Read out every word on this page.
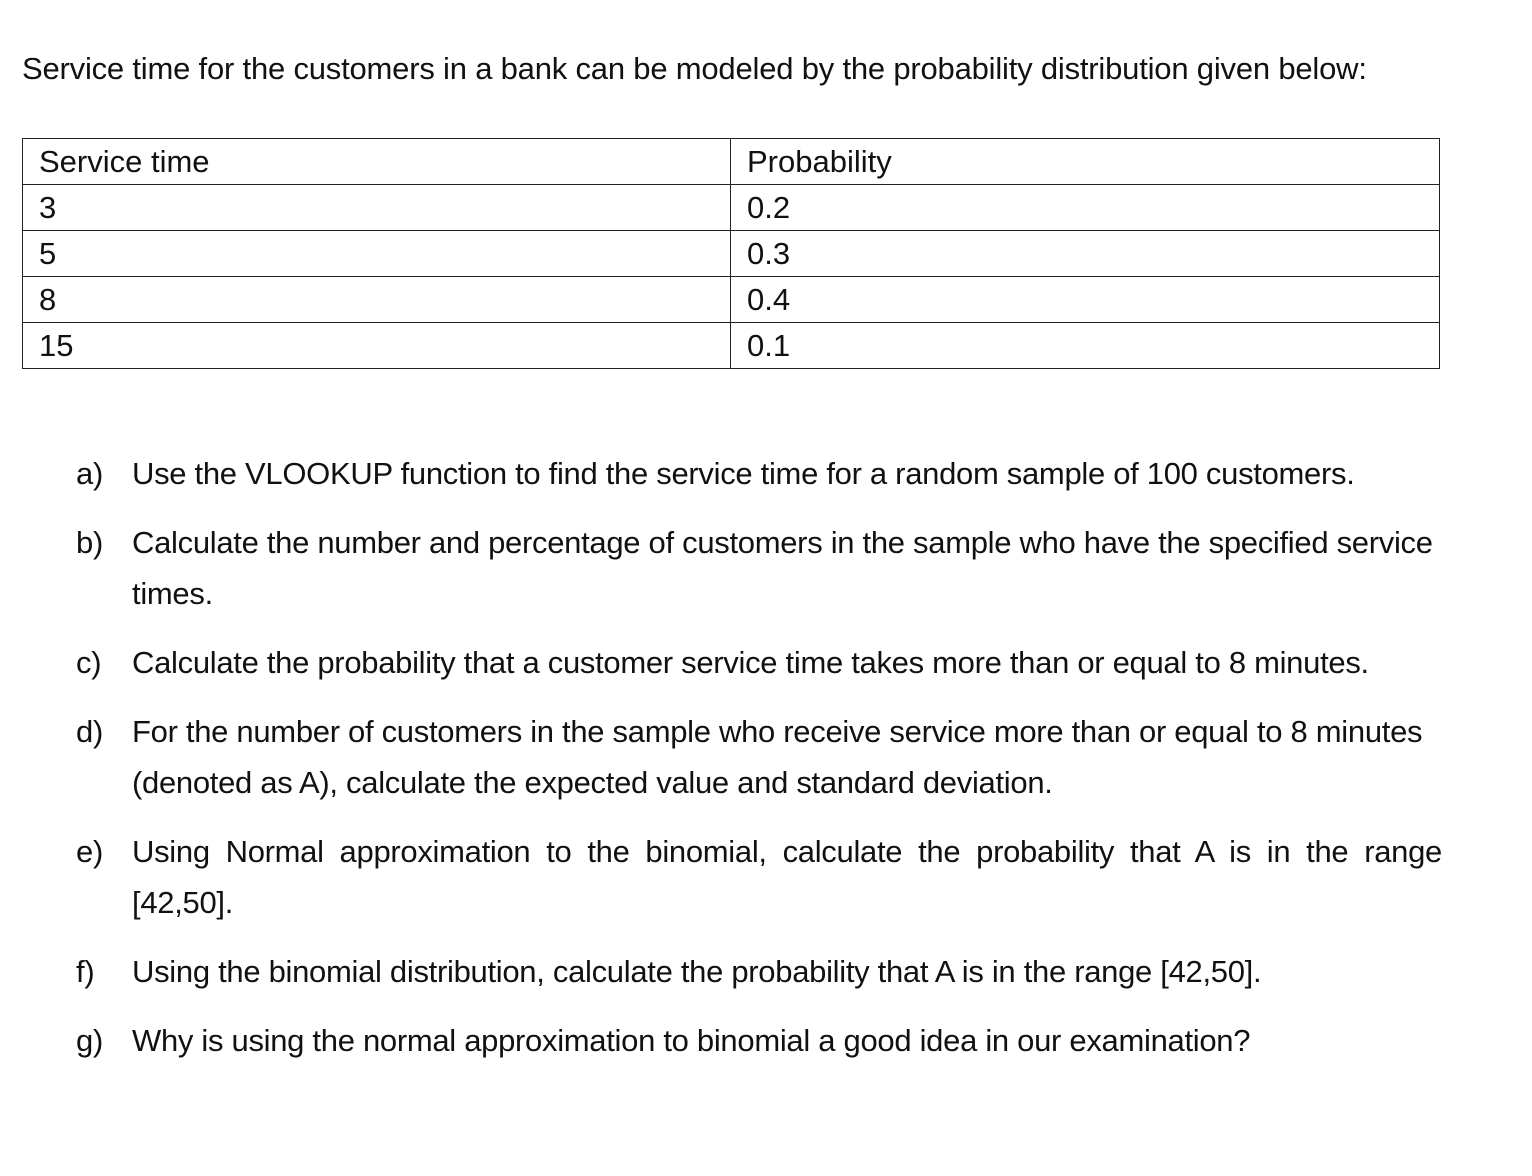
Service time for the customers in a bank can be modeled by the probability distribution given below:

Service time	Probability
3	0.2
5	0.3
8	0.4
15	0.1
a) Use the VLOOKUP function to find the service time for a random sample of 100 customers.
b) Calculate the number and percentage of customers in the sample who have the specified service times.
c) Calculate the probability that a customer service time takes more than or equal to 8 minutes.
d) For the number of customers in the sample who receive service more than or equal to 8 minutes (denoted as A), calculate the expected value and standard deviation.
e) Using Normal approximation to the binomial, calculate the probability that A is in the range [42,50].
f) Using the binomial distribution, calculate the probability that A is in the range [42,50].
g) Why is using the normal approximation to binomial a good idea in our examination?
